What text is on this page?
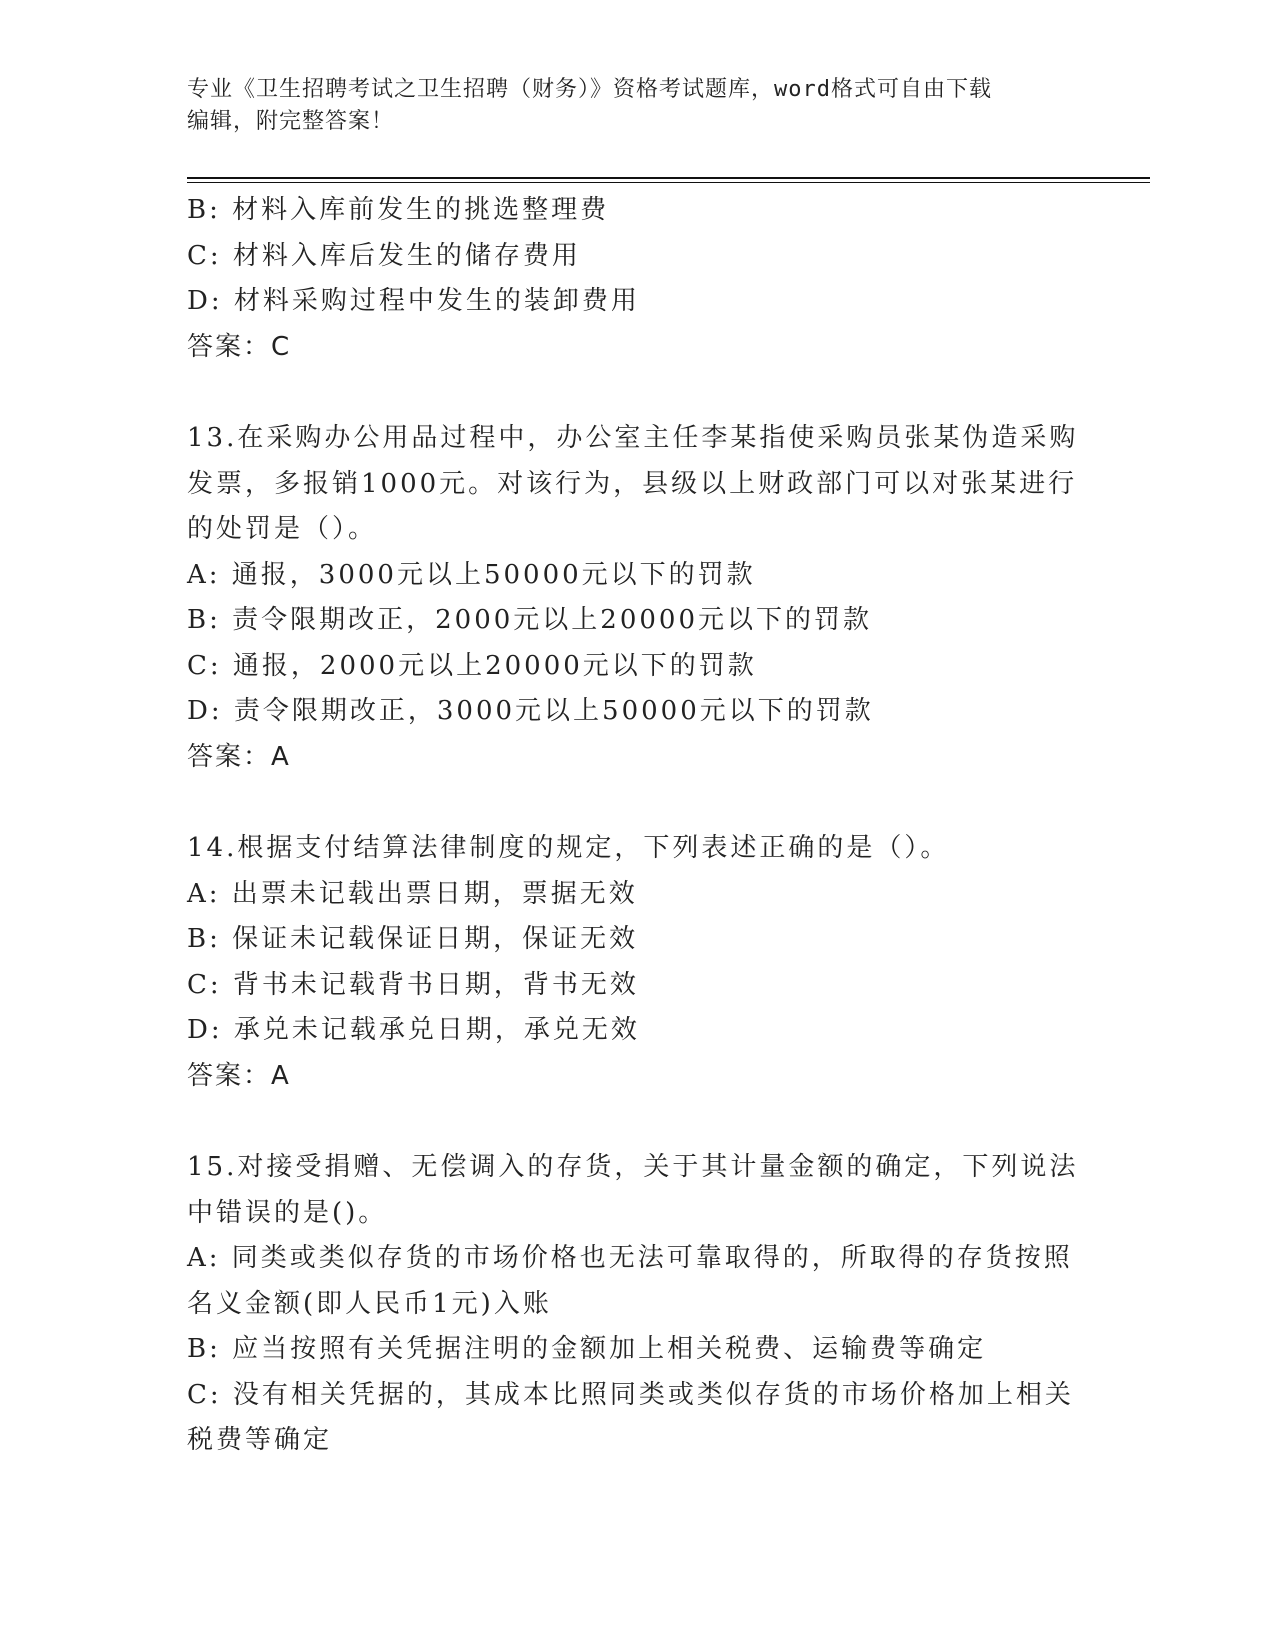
专业《卫生招聘考试之卫生招聘（财务）》资格考试题库，word格式可自由下载
编辑，附完整答案！
B: 材料入库前发生的挑选整理费
C: 材料入库后发生的储存费用
D: 材料采购过程中发生的装卸费用
答案：C
13.在采购办公用品过程中，办公室主任李某指使采购员张某伪造采购
发票，多报销1000元。对该行为，县级以上财政部门可以对张某进行
的处罚是（）。
A: 通报，3000元以上50000元以下的罚款
B: 责令限期改正，2000元以上20000元以下的罚款
C: 通报，2000元以上20000元以下的罚款
D: 责令限期改正，3000元以上50000元以下的罚款
答案：A
14.根据支付结算法律制度的规定，下列表述正确的是（）。
A: 出票未记载出票日期，票据无效
B: 保证未记载保证日期，保证无效
C: 背书未记载背书日期，背书无效
D: 承兑未记载承兑日期，承兑无效
答案：A
15.对接受捐赠、无偿调入的存货，关于其计量金额的确定，下列说法
中错误的是()。
A: 同类或类似存货的市场价格也无法可靠取得的，所取得的存货按照
名义金额(即人民币1元)入账
B: 应当按照有关凭据注明的金额加上相关税费、运输费等确定
C: 没有相关凭据的，其成本比照同类或类似存货的市场价格加上相关
税费等确定
